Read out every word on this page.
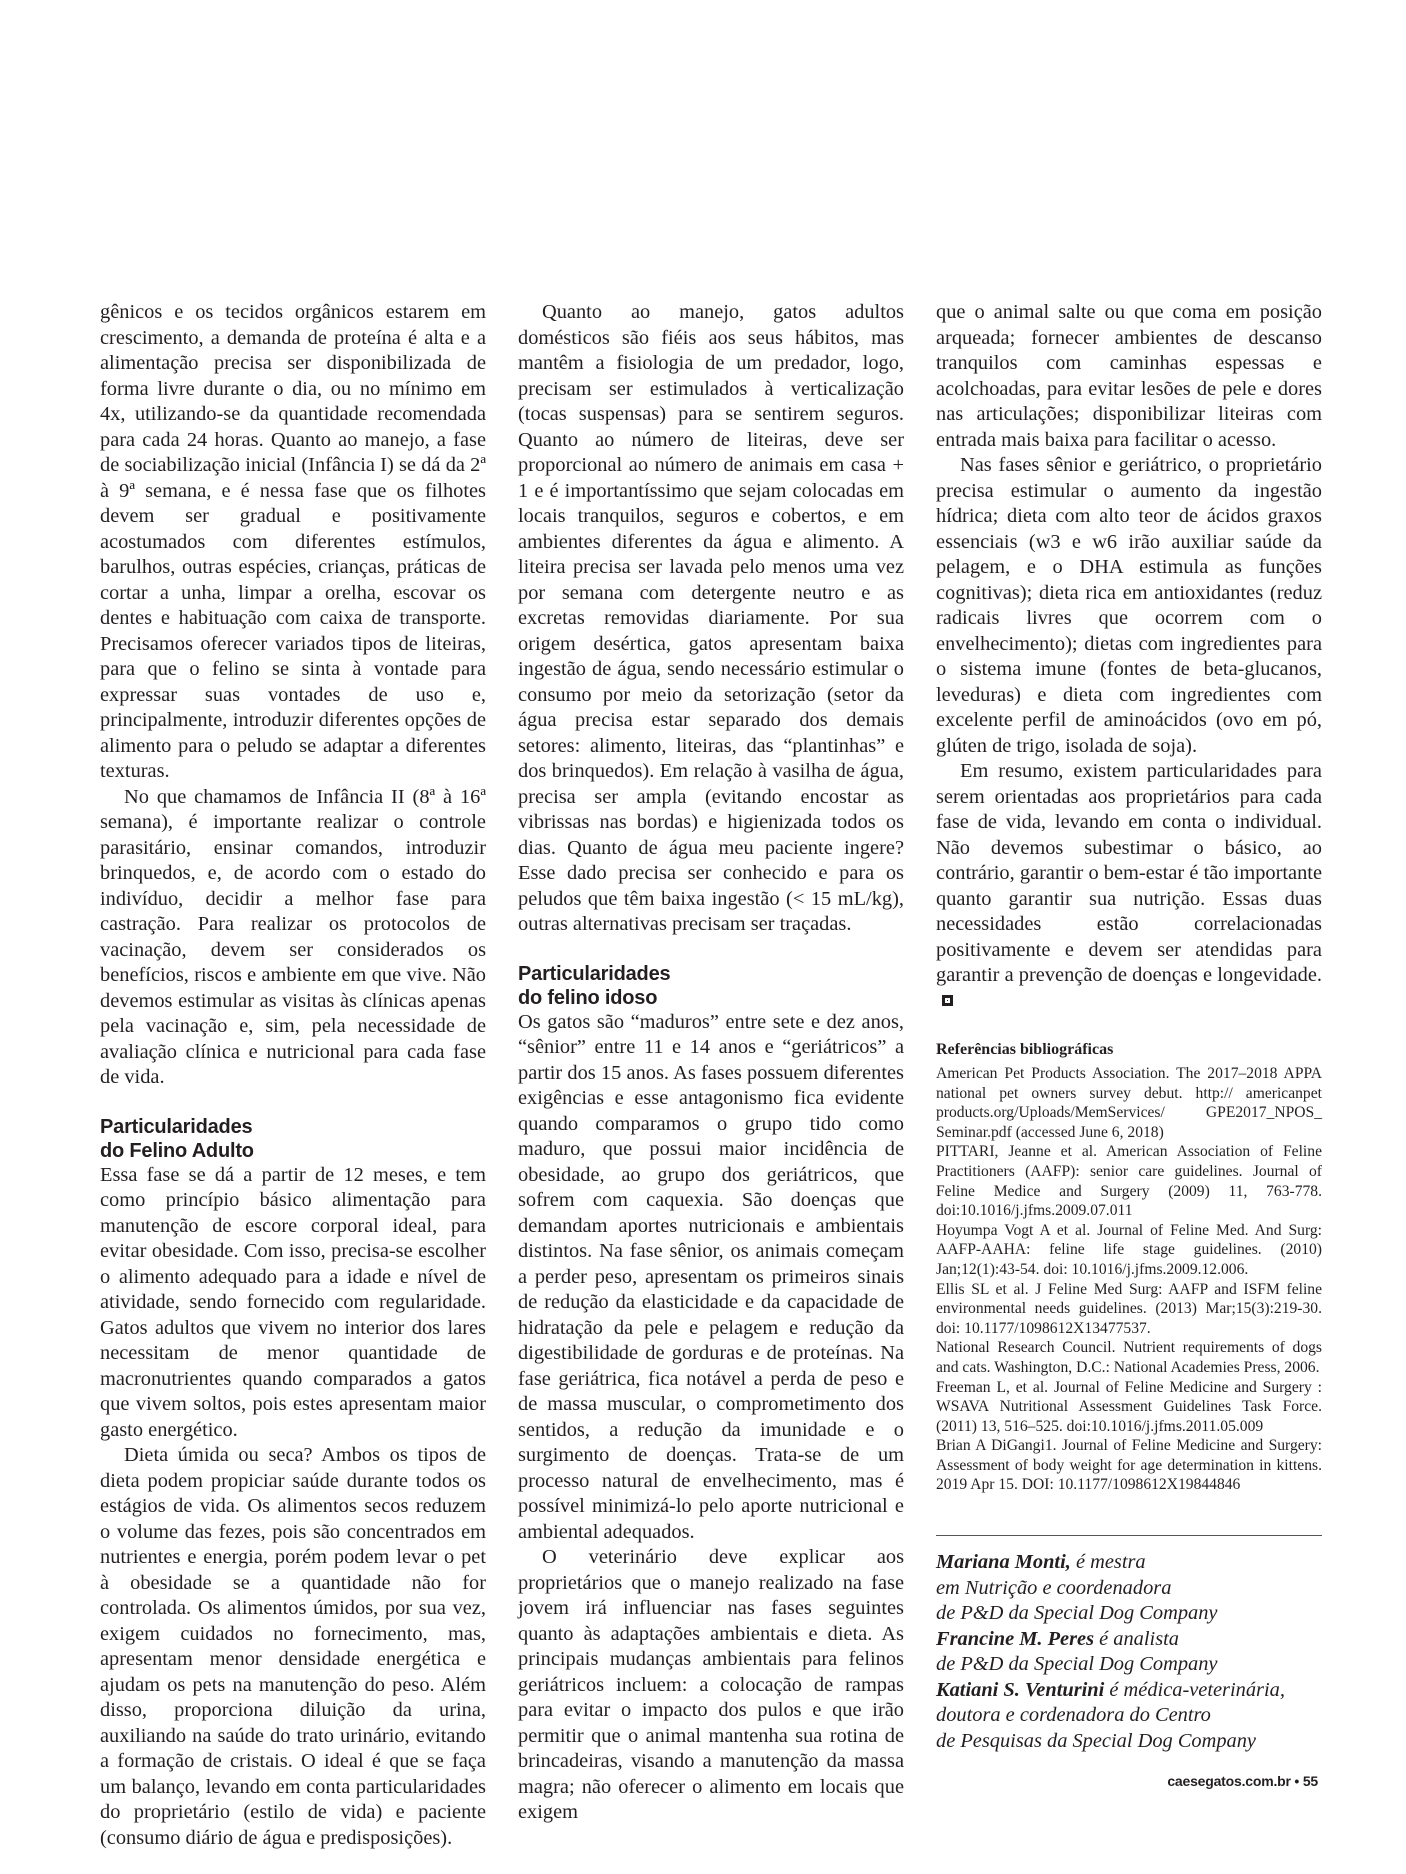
gênicos e os tecidos orgânicos estarem em crescimento, a demanda de proteína é alta e a alimentação precisa ser disponibilizada de forma livre durante o dia, ou no mínimo em 4x, utilizando-se da quantidade recomendada para cada 24 horas. Quanto ao manejo, a fase de sociabilização inicial (Infância I) se dá da 2ª à 9ª semana, e é nessa fase que os filhotes devem ser gradual e positivamente acostumados com diferentes estímulos, barulhos, outras espécies, crianças, práticas de cortar a unha, limpar a orelha, escovar os dentes e habituação com caixa de transporte. Precisamos oferecer variados tipos de liteiras, para que o felino se sinta à vontade para expressar suas vontades de uso e, principalmente, introduzir diferentes opções de alimento para o peludo se adaptar a diferentes texturas.

No que chamamos de Infância II (8ª à 16ª semana), é importante realizar o controle parasitário, ensinar comandos, introduzir brinquedos, e, de acordo com o estado do indivíduo, decidir a melhor fase para castração. Para realizar os protocolos de vacinação, devem ser considerados os benefícios, riscos e ambiente em que vive. Não devemos estimular as visitas às clínicas apenas pela vacinação e, sim, pela necessidade de avaliação clínica e nutricional para cada fase de vida.

Particularidades
do Felino Adulto

Essa fase se dá a partir de 12 meses, e tem como princípio básico alimentação para manutenção de escore corporal ideal, para evitar obesidade. Com isso, precisa-se escolher o alimento adequado para a idade e nível de atividade, sendo fornecido com regularidade. Gatos adultos que vivem no interior dos lares necessitam de menor quantidade de macronutrientes quando comparados a gatos que vivem soltos, pois estes apresentam maior gasto energético.

Dieta úmida ou seca? Ambos os tipos de dieta podem propiciar saúde durante todos os estágios de vida. Os alimentos secos reduzem o volume das fezes, pois são concentrados em nutrientes e energia, porém podem levar o pet à obesidade se a quantidade não for controlada. Os alimentos úmidos, por sua vez, exigem cuidados no fornecimento, mas, apresentam menor densidade energética e ajudam os pets na manutenção do peso. Além disso, proporciona diluição da urina, auxiliando na saúde do trato urinário, evitando a formação de cristais. O ideal é que se faça um balanço, levando em conta particularidades do proprietário (estilo de vida) e paciente (consumo diário de água e predisposições).

Quanto ao manejo, gatos adultos domésticos são fiéis aos seus hábitos, mas mantêm a fisiologia de um predador, logo, precisam ser estimulados à verticalização (tocas suspensas) para se sentirem seguros. Quanto ao número de liteiras, deve ser proporcional ao número de animais em casa + 1 e é importantíssimo que sejam colocadas em locais tranquilos, seguros e cobertos, e em ambientes diferentes da água e alimento. A liteira precisa ser lavada pelo menos uma vez por semana com detergente neutro e as excretas removidas diariamente. Por sua origem desértica, gatos apresentam baixa ingestão de água, sendo necessário estimular o consumo por meio da setorização (setor da água precisa estar separado dos demais setores: alimento, liteiras, das “plantinhas” e dos brinquedos). Em relação à vasilha de água, precisa ser ampla (evitando encostar as vibrissas nas bordas) e higienizada todos os dias. Quanto de água meu paciente ingere? Esse dado precisa ser conhecido e para os peludos que têm baixa ingestão (< 15 mL/kg), outras alternativas precisam ser traçadas.

Particularidades
do felino idoso

Os gatos são “maduros” entre sete e dez anos, “sênior” entre 11 e 14 anos e “geriátricos” a partir dos 15 anos. As fases possuem diferentes exigências e esse antagonismo fica evidente quando comparamos o grupo tido como maduro, que possui maior incidência de obesidade, ao grupo dos geriátricos, que sofrem com caquexia. São doenças que demandam aportes nutricionais e ambientais distintos. Na fase sênior, os animais começam a perder peso, apresentam os primeiros sinais de redução da elasticidade e da capacidade de hidratação da pele e pelagem e redução da digestibilidade de gorduras e de proteínas. Na fase geriátrica, fica notável a perda de peso e de massa muscular, o comprometimento dos sentidos, a redução da imunidade e o surgimento de doenças. Trata-se de um processo natural de envelhecimento, mas é possível minimizá-lo pelo aporte nutricional e ambiental adequados.

O veterinário deve explicar aos proprietários que o manejo realizado na fase jovem irá influenciar nas fases seguintes quanto às adaptações ambientais e dieta. As principais mudanças ambientais para felinos geriátricos incluem: a colocação de rampas para evitar o impacto dos pulos e que irão permitir que o animal mantenha sua rotina de brincadeiras, visando a manutenção da massa magra; não oferecer o alimento em locais que exigem

que o animal salte ou que coma em posição arqueada; fornecer ambientes de descanso tranquilos com caminhas espessas e acolchoadas, para evitar lesões de pele e dores nas articulações; disponibilizar liteiras com entrada mais baixa para facilitar o acesso.

Nas fases sênior e geriátrico, o proprietário precisa estimular o aumento da ingestão hídrica; dieta com alto teor de ácidos graxos essenciais (w3 e w6 irão auxiliar saúde da pelagem, e o DHA estimula as funções cognitivas); dieta rica em antioxidantes (reduz radicais livres que ocorrem com o envelhecimento); dietas com ingredientes para o sistema imune (fontes de beta-glucanos, leveduras) e dieta com ingredientes com excelente perfil de aminoácidos (ovo em pó, glúten de trigo, isolada de soja).

Em resumo, existem particularidades para serem orientadas aos proprietários para cada fase de vida, levando em conta o individual. Não devemos subestimar o básico, ao contrário, garantir o bem-estar é tão importante quanto garantir sua nutrição. Essas duas necessidades estão correlacionadas positivamente e devem ser atendidas para garantir a prevenção de doenças e longevidade.

Referências bibliográficas

American Pet Products Association. The 2017–2018 APPA national pet owners survey debut. http:// americanpet products.org/Uploads/MemServices/ GPE2017_NPOS_ Seminar.pdf (accessed June 6, 2018)

PITTARI, Jeanne et al. American Association of Feline Practitioners (AAFP): senior care guidelines. Journal of Feline Medice and Surgery (2009) 11, 763-778. doi:10.1016/j.jfms.2009.07.011

Hoyumpa Vogt A et al. Journal of Feline Med. And Surg: AAFP-AAHA: feline life stage guidelines. (2010) Jan;12(1):43-54. doi: 10.1016/j.jfms.2009.12.006.

Ellis SL et al. J Feline Med Surg: AAFP and ISFM feline environmental needs guidelines. (2013) Mar;15(3):219-30. doi: 10.1177/1098612X13477537.

National Research Council. Nutrient requirements of dogs and cats. Washington, D.C.: National Academies Press, 2006.

Freeman L, et al. Journal of Feline Medicine and Surgery : WSAVA Nutritional Assessment Guidelines Task Force. (2011) 13, 516–525. doi:10.1016/j.jfms.2011.05.009

Brian A DiGangi1. Journal of Feline Medicine and Surgery: Assessment of body weight for age determination in kittens. 2019 Apr 15. DOI: 10.1177/1098612X19844846

Mariana Monti, é mestra
em Nutrição e coordenadora
de P&D da Special Dog Company
Francine M. Peres é analista
de P&D da Special Dog Company
Katiani S. Venturini é médica-veterinária,
doutora e cordenadora do Centro
de Pesquisas da Special Dog Company
caesegatos.com.br • 55
